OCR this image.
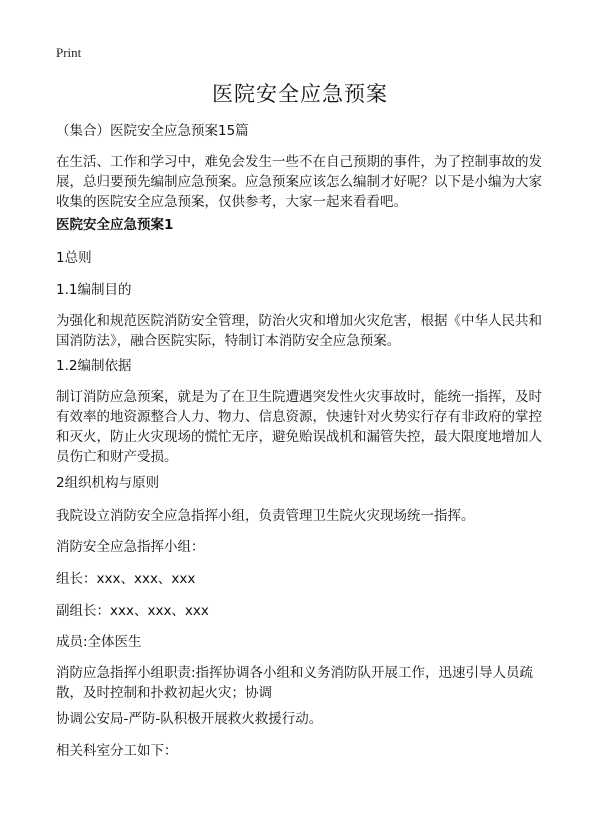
Print
医院安全应急预案

（集合）医院安全应急预案15篇

在生活、工作和学习中，难免会发生一些不在自己预期的事件，为了控制事故的发展，总归要预先编制应急预案。应急预案应该怎么编制才好呢？以下是小编为大家收集的医院安全应急预案，仅供参考，大家一起来看看吧。

医院安全应急预案1

1总则

1.1编制目的

为强化和规范医院消防安全管理，防治火灾和增加火灾危害，根据《中华人民共和国消防法》，融合医院实际，特制订本消防安全应急预案。

1.2编制依据

制订消防应急预案，就是为了在卫生院遭遇突发性火灾事故时，能统一指挥，及时有效率的地资源整合人力、物力、信息资源，快速针对火势实行存有非政府的掌控和灭火，防止火灾现场的慌忙无序，避免贻误战机和漏管失控，最大限度地增加人员伤亡和财产受损。

2组织机构与原则

我院设立消防安全应急指挥小组，负责管理卫生院火灾现场统一指挥。

消防安全应急指挥小组：

组长：xxx、xxx、xxx

副组长：xxx、xxx、xxx

成员:全体医生

消防应急指挥小组职责:指挥协调各小组和义务消防队开展工作，迅速引导人员疏散，及时控制和扑救初起火灾；协调

协调公安局-严防-队积极开展救火救援行动。

相关科室分工如下：
